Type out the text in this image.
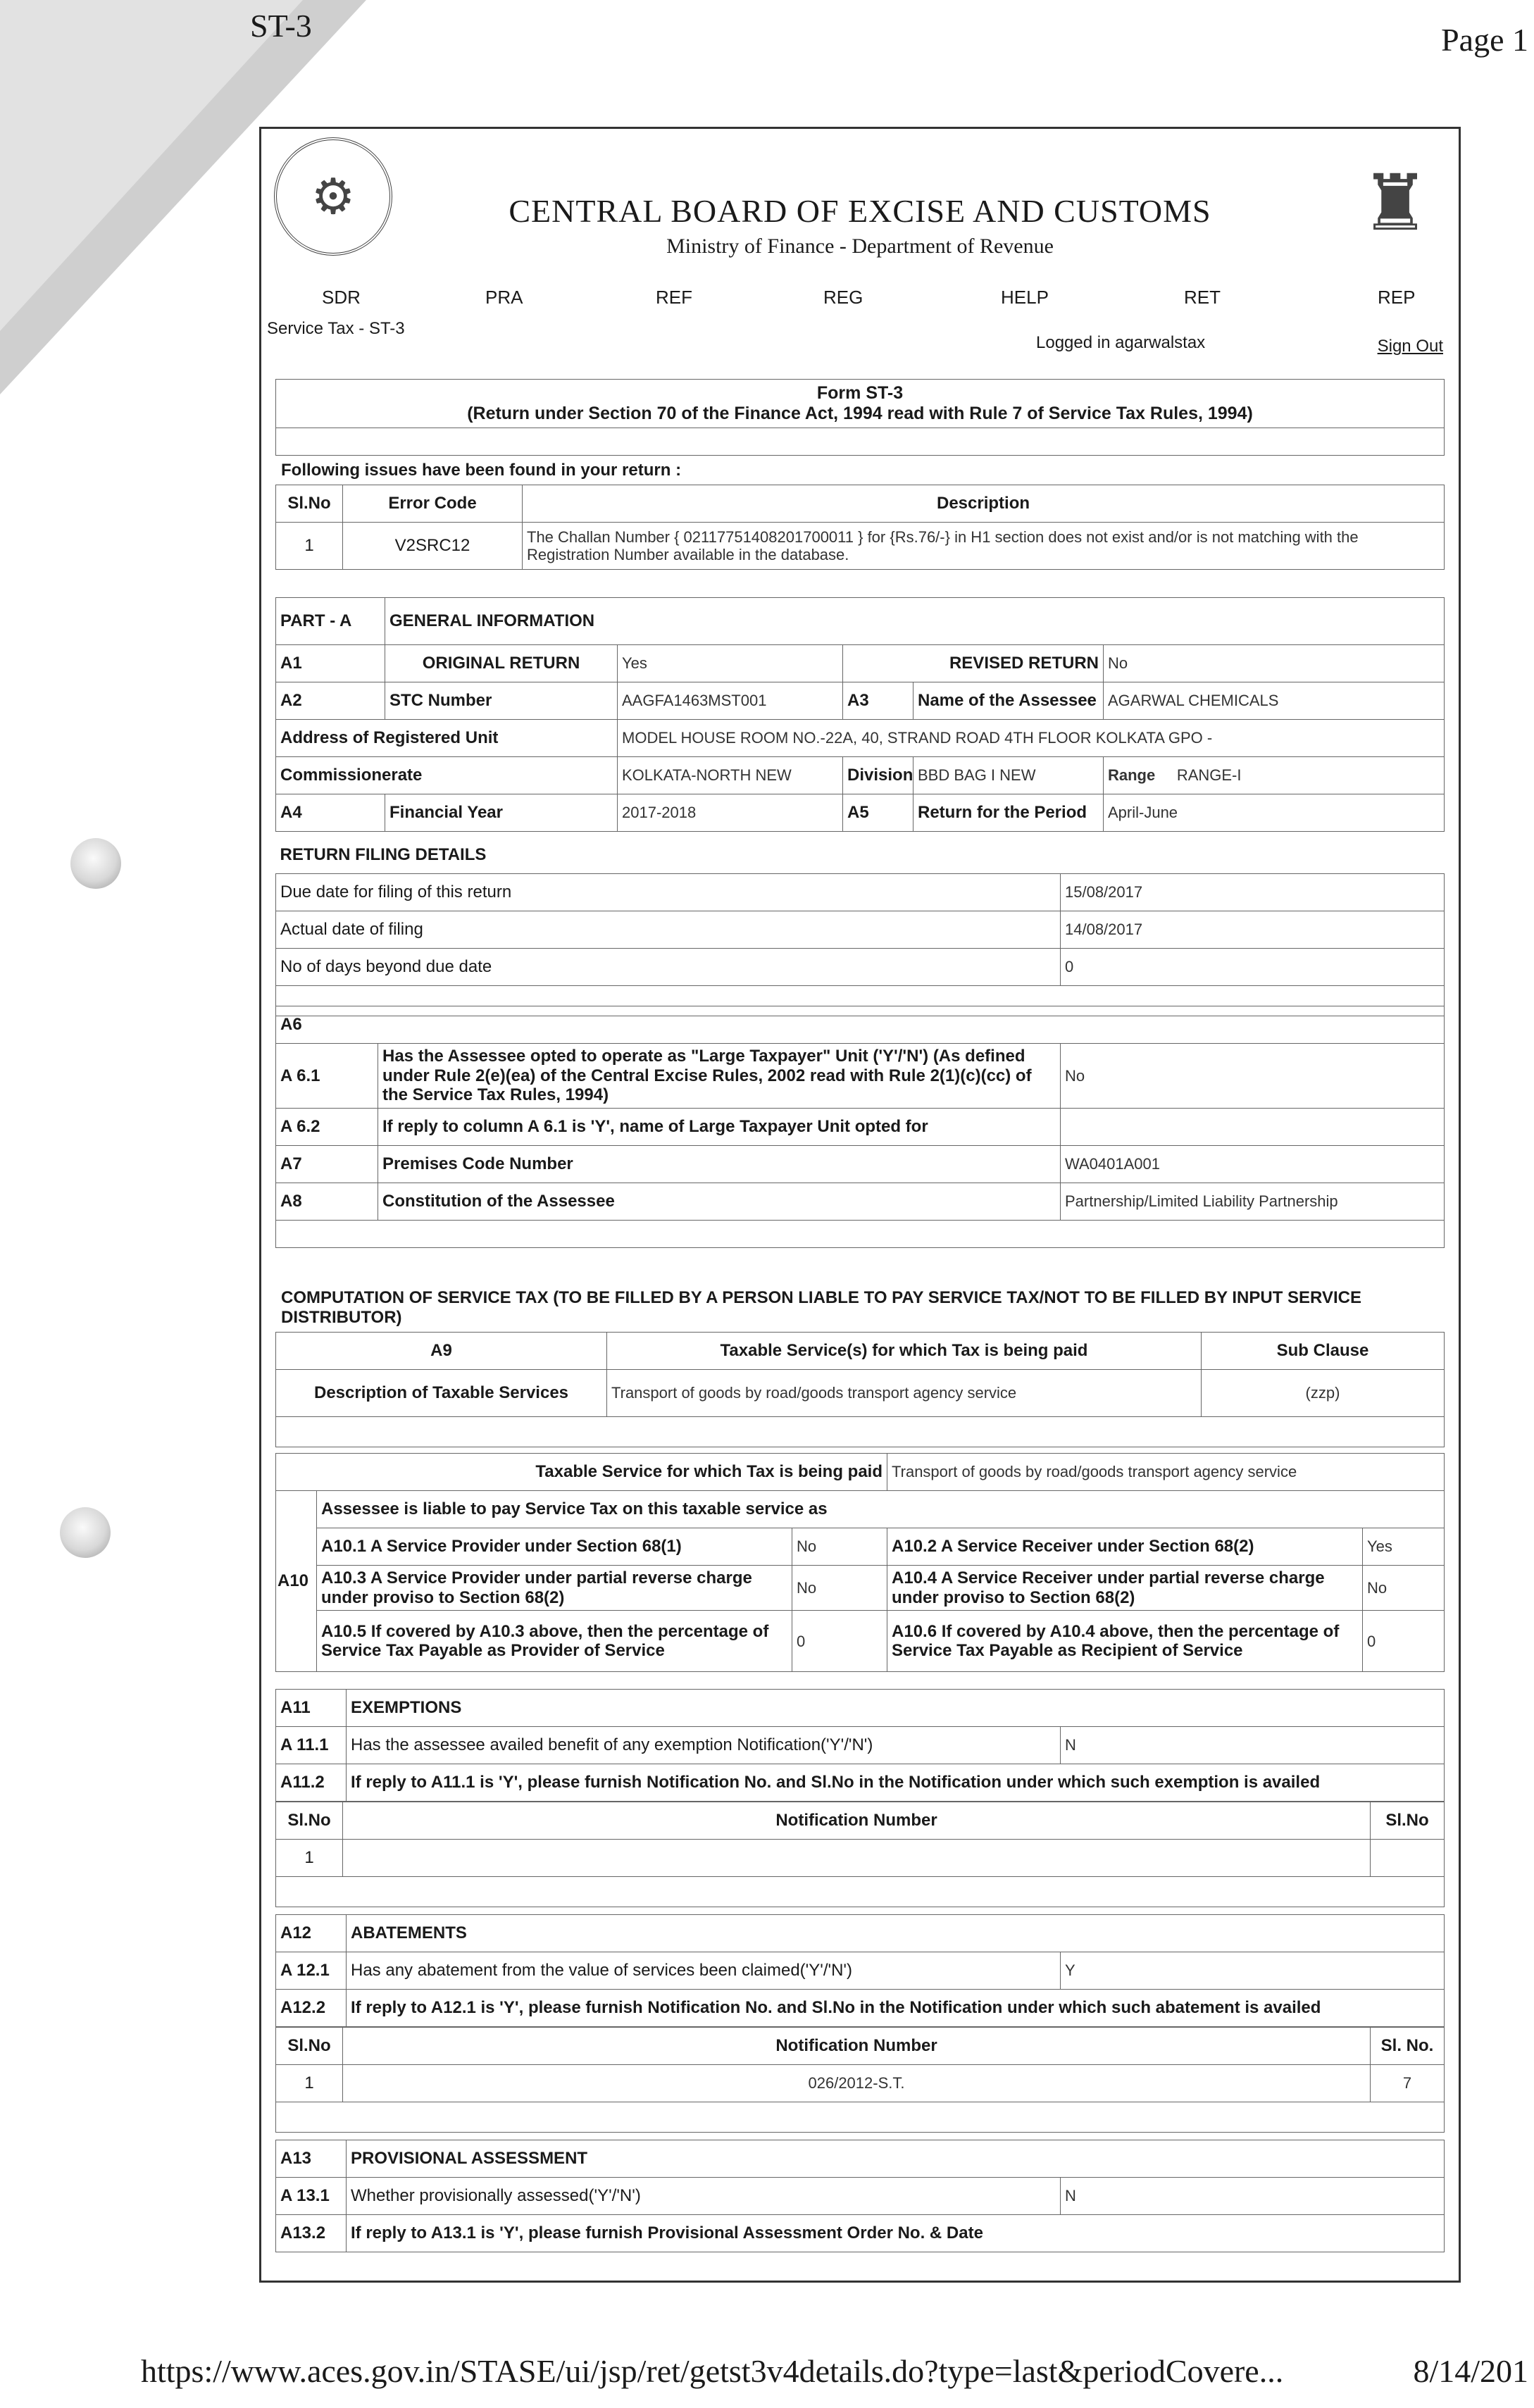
ST-3	Page 1
⚙	♜
CENTRAL BOARD OF EXCISE AND CUSTOMS
Ministry of Finance - Department of Revenue
SDR	PRA	REF	REG	HELP	RET	REP
Service Tax - ST-3
Logged in agarwalstax	Sign Out
Form ST-3
(Return under Section 70 of the Finance Act, 1994 read with Rule 7 of Service Tax Rules, 1994)

Following issues have been found in your return :
Sl.No	Error Code	Description
1	V2SRC12	The Challan Number { 02117751408201700011 } for {Rs.76/-} in H1 section does not exist and/or is not matching with the Registration Number available in the database.
PART - A	GENERAL INFORMATION				
A1	ORIGINAL RETURN	Yes	REVISED RETURN		No
A2	STC Number	AAGFA1463MST001	A3	Name of the Assessee	AGARWAL CHEMICALS
Address of Registered Unit		MODEL HOUSE ROOM NO.-22A, 40, STRAND ROAD 4TH FLOOR KOLKATA GPO -			
Commissionerate		KOLKATA-NORTH NEW	Division	BBD BAG I NEW	Range RANGE-I
A4	Financial Year	2017-2018	A5	Return for the Period	April-June
RETURN FILING DETAILS	
Due date for filing of this return	15/08/2017
Actual date of filing	14/08/2017
No of days beyond due date	0

A6		
A 6.1	Has the Assessee opted to operate as "Large Taxpayer" Unit ('Y'/'N') (As defined under Rule 2(e)(ea) of the Central Excise Rules, 2002 read with Rule 2(1)(c)(cc) of the Service Tax Rules, 1994)	No
A 6.2	If reply to column A 6.1 is 'Y', name of Large Taxpayer Unit opted for	
A7	Premises Code Number	WA0401A001
A8	Constitution of the Assessee	Partnership/Limited Liability Partnership

COMPUTATION OF SERVICE TAX (TO BE FILLED BY A PERSON LIABLE TO PAY SERVICE TAX/NOT TO BE FILLED BY INPUT SERVICE DISTRIBUTOR)
A9	Taxable Service(s) for which Tax is being paid	Sub Clause
Description of Taxable Services	Transport of goods by road/goods transport agency service	(zzp)

Taxable Service for which Tax is being paid			Transport of goods by road/goods transport agency service	
A10	Assessee is liable to pay Service Tax on this taxable service as			
	A10.1 A Service Provider under Section 68(1)	No	A10.2 A Service Receiver under Section 68(2)	Yes
	A10.3 A Service Provider under partial reverse charge under proviso to Section 68(2)	No	A10.4 A Service Receiver under partial reverse charge under proviso to Section 68(2)	No
	A10.5 If covered by A10.3 above, then the percentage of Service Tax Payable as Provider of Service	0	A10.6 If covered by A10.4 above, then the percentage of Service Tax Payable as Recipient of Service	0
A11	EXEMPTIONS	
A 11.1	Has the assessee availed benefit of any exemption Notification('Y'/'N')	N
A11.2	If reply to A11.1 is 'Y', please furnish Notification No. and Sl.No in the Notification under which such exemption is availed	
Sl.No	Notification Number	Sl.No
1		

A12	ABATEMENTS	
A 12.1	Has any abatement from the value of services been claimed('Y'/'N')	Y
A12.2	If reply to A12.1 is 'Y', please furnish Notification No. and Sl.No in the Notification under which such abatement is availed	
Sl.No	Notification Number	Sl. No.
1	026/2012-S.T.	7

A13	PROVISIONAL ASSESSMENT	
A 13.1	Whether provisionally assessed('Y'/'N')	N
A13.2	If reply to A13.1 is 'Y', please furnish Provisional Assessment Order No. & Date	
https://www.aces.gov.in/STASE/ui/jsp/ret/getst3v4details.do?type=last&periodCovere...	8/14/201
